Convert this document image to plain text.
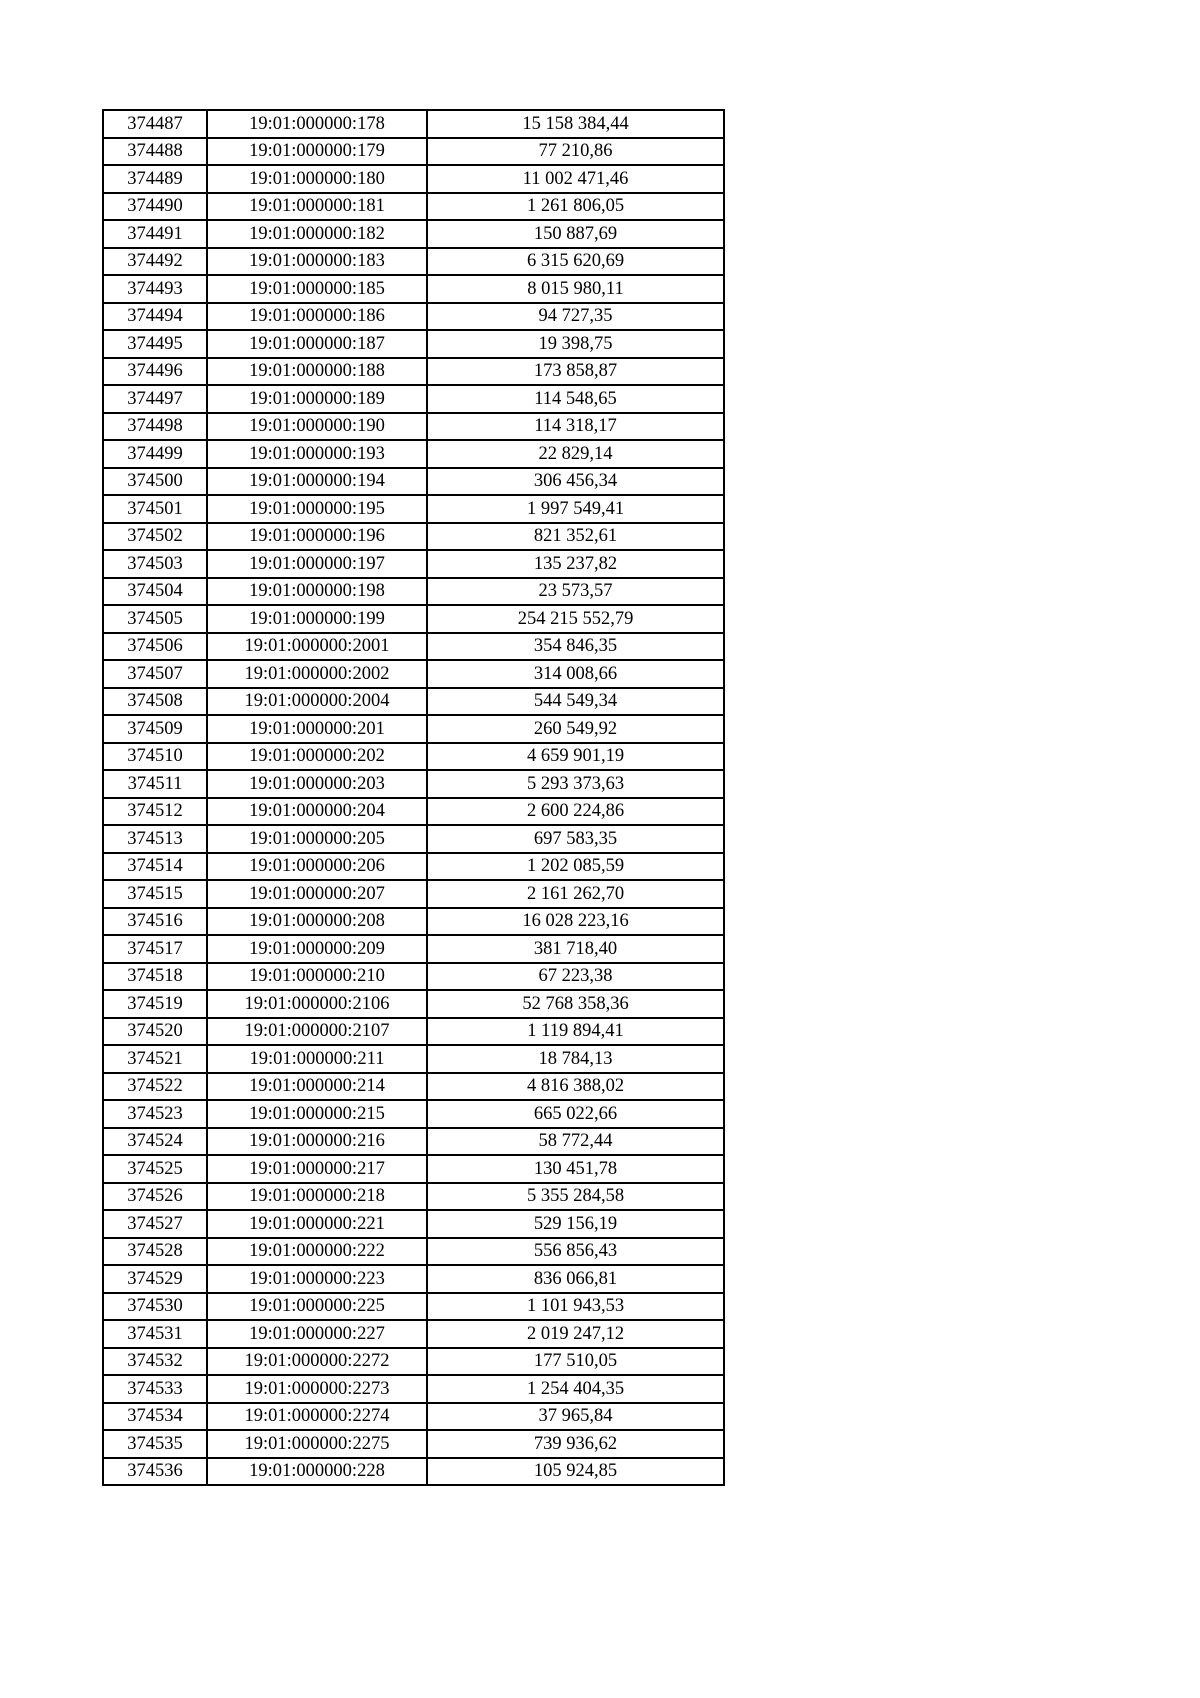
374487	19:01:000000:178	15 158 384,44
374488	19:01:000000:179	77 210,86
374489	19:01:000000:180	11 002 471,46
374490	19:01:000000:181	1 261 806,05
374491	19:01:000000:182	150 887,69
374492	19:01:000000:183	6 315 620,69
374493	19:01:000000:185	8 015 980,11
374494	19:01:000000:186	94 727,35
374495	19:01:000000:187	19 398,75
374496	19:01:000000:188	173 858,87
374497	19:01:000000:189	114 548,65
374498	19:01:000000:190	114 318,17
374499	19:01:000000:193	22 829,14
374500	19:01:000000:194	306 456,34
374501	19:01:000000:195	1 997 549,41
374502	19:01:000000:196	821 352,61
374503	19:01:000000:197	135 237,82
374504	19:01:000000:198	23 573,57
374505	19:01:000000:199	254 215 552,79
374506	19:01:000000:2001	354 846,35
374507	19:01:000000:2002	314 008,66
374508	19:01:000000:2004	544 549,34
374509	19:01:000000:201	260 549,92
374510	19:01:000000:202	4 659 901,19
374511	19:01:000000:203	5 293 373,63
374512	19:01:000000:204	2 600 224,86
374513	19:01:000000:205	697 583,35
374514	19:01:000000:206	1 202 085,59
374515	19:01:000000:207	2 161 262,70
374516	19:01:000000:208	16 028 223,16
374517	19:01:000000:209	381 718,40
374518	19:01:000000:210	67 223,38
374519	19:01:000000:2106	52 768 358,36
374520	19:01:000000:2107	1 119 894,41
374521	19:01:000000:211	18 784,13
374522	19:01:000000:214	4 816 388,02
374523	19:01:000000:215	665 022,66
374524	19:01:000000:216	58 772,44
374525	19:01:000000:217	130 451,78
374526	19:01:000000:218	5 355 284,58
374527	19:01:000000:221	529 156,19
374528	19:01:000000:222	556 856,43
374529	19:01:000000:223	836 066,81
374530	19:01:000000:225	1 101 943,53
374531	19:01:000000:227	2 019 247,12
374532	19:01:000000:2272	177 510,05
374533	19:01:000000:2273	1 254 404,35
374534	19:01:000000:2274	37 965,84
374535	19:01:000000:2275	739 936,62
374536	19:01:000000:228	105 924,85
